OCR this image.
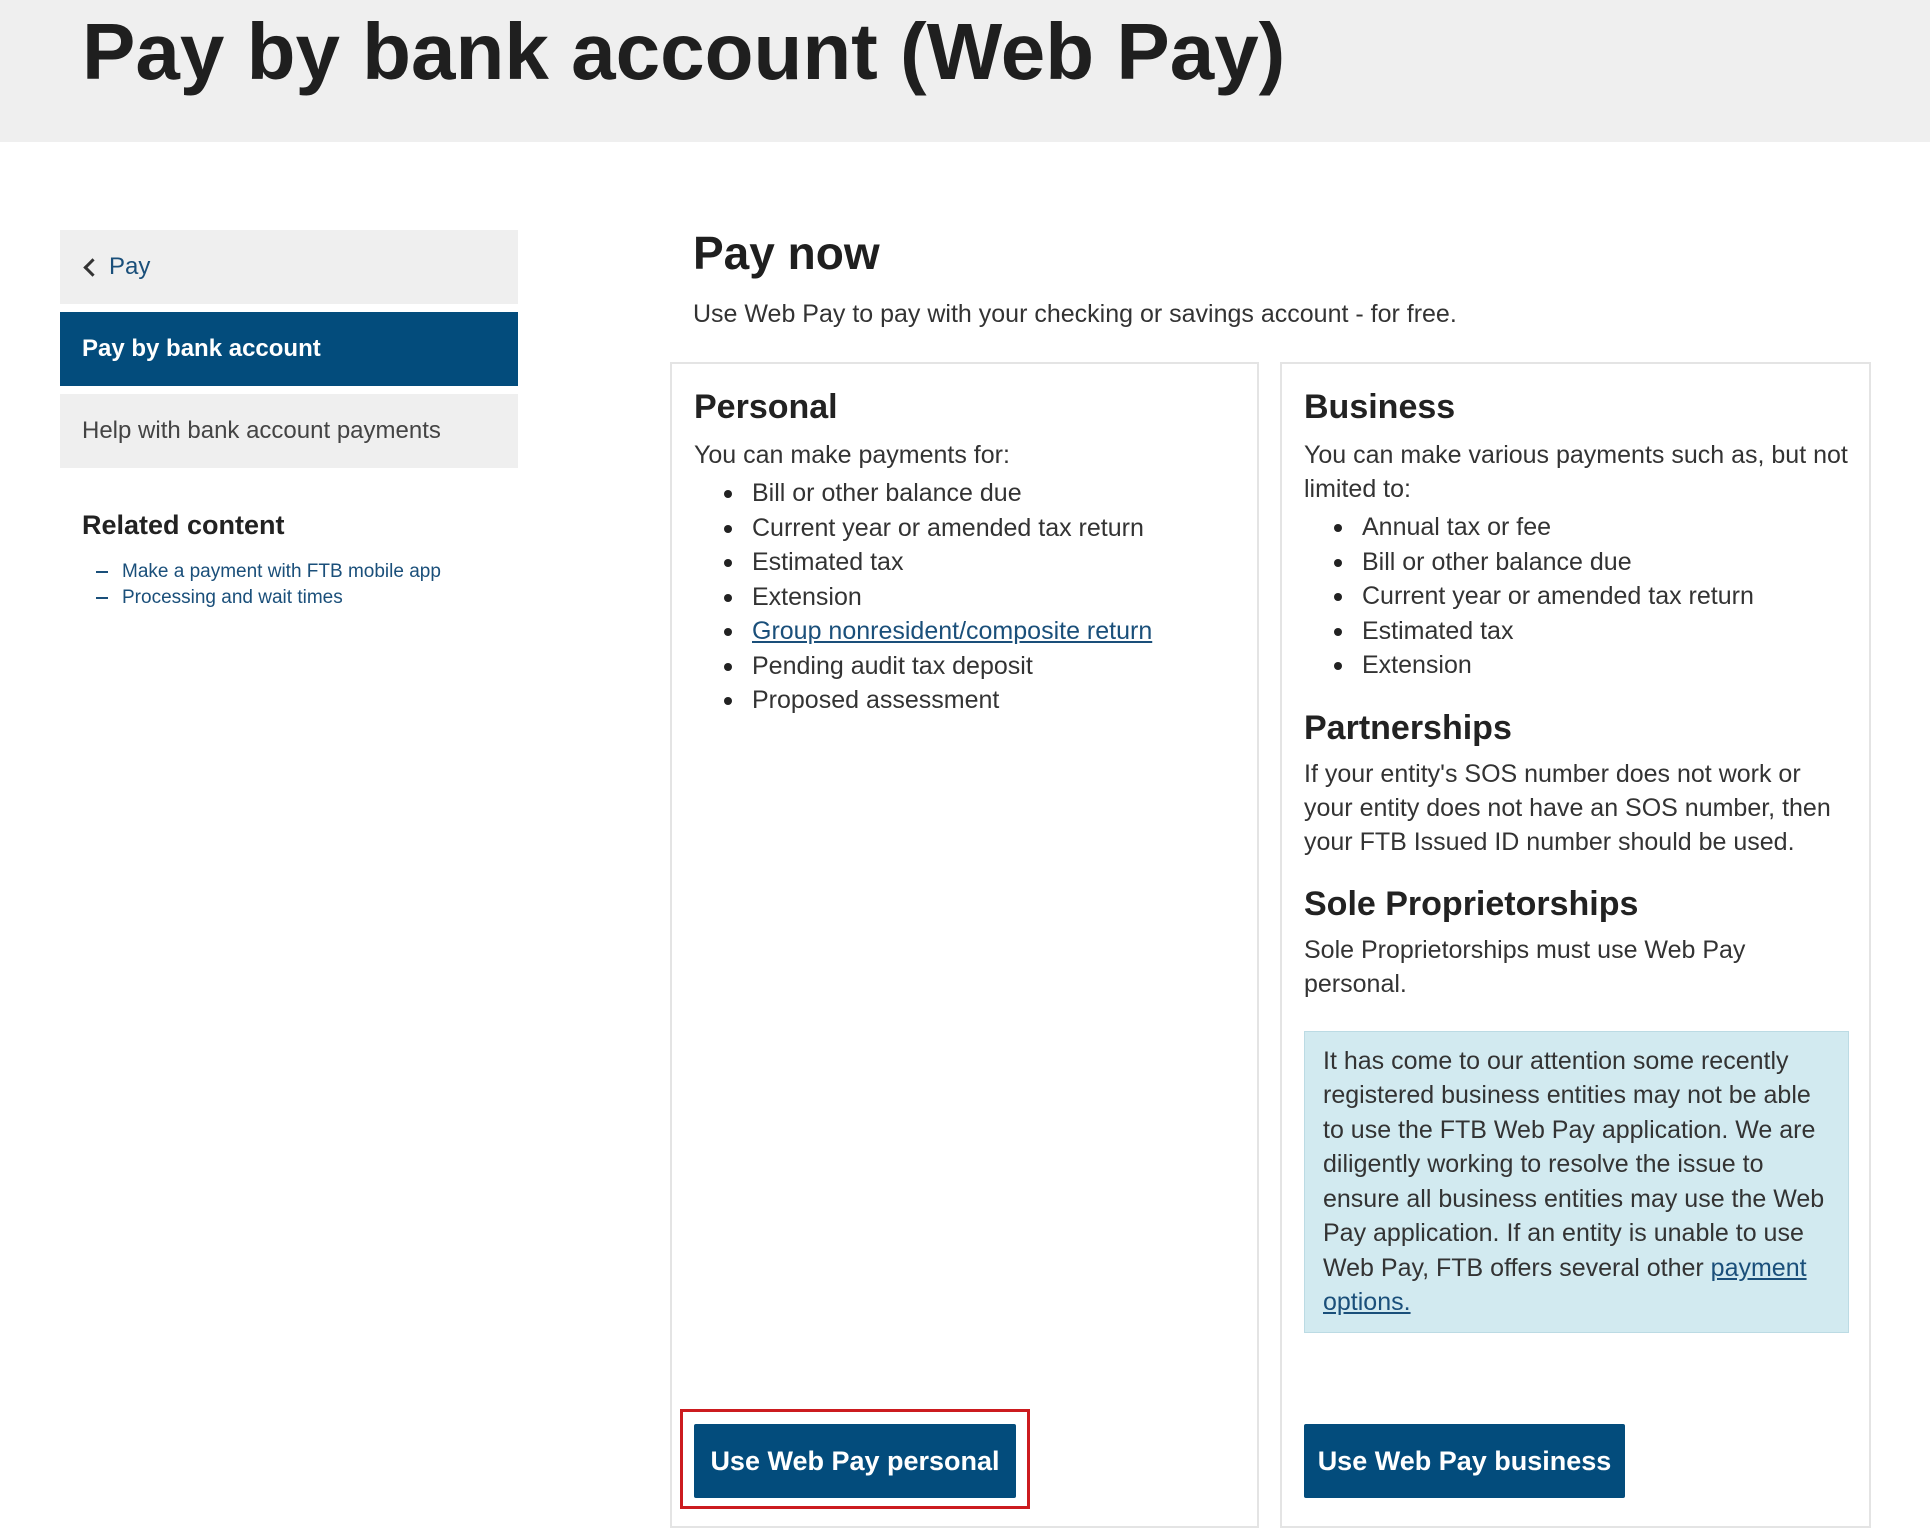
Pay by bank account (Web Pay)
Pay
Pay by bank account
Help with bank account payments
Related content
Make a payment with FTB mobile app
Processing and wait times
Pay now

Use Web Pay to pay with your checking or savings account - for free.

Personal

You can make payments for:

Bill or other balance due
Current year or amended tax return
Estimated tax
Extension
Group nonresident/composite return
Pending audit tax deposit
Proposed assessment
Business

You can make various payments such as, but not limited to:

Annual tax or fee
Bill or other balance due
Current year or amended tax return
Estimated tax
Extension
Partnerships

If your entity's SOS number does not work or your entity does not have an SOS number, then your FTB Issued ID number should be used.

Sole Proprietorships

Sole Proprietorships must use Web Pay personal.

It has come to our attention some recently registered business entities may not be able to use the FTB Web Pay application. We are diligently working to resolve the issue to ensure all business entities may use the Web Pay application. If an entity is unable to use Web Pay, FTB offers several other payment options.
Use Web Pay personal	Use Web Pay business
